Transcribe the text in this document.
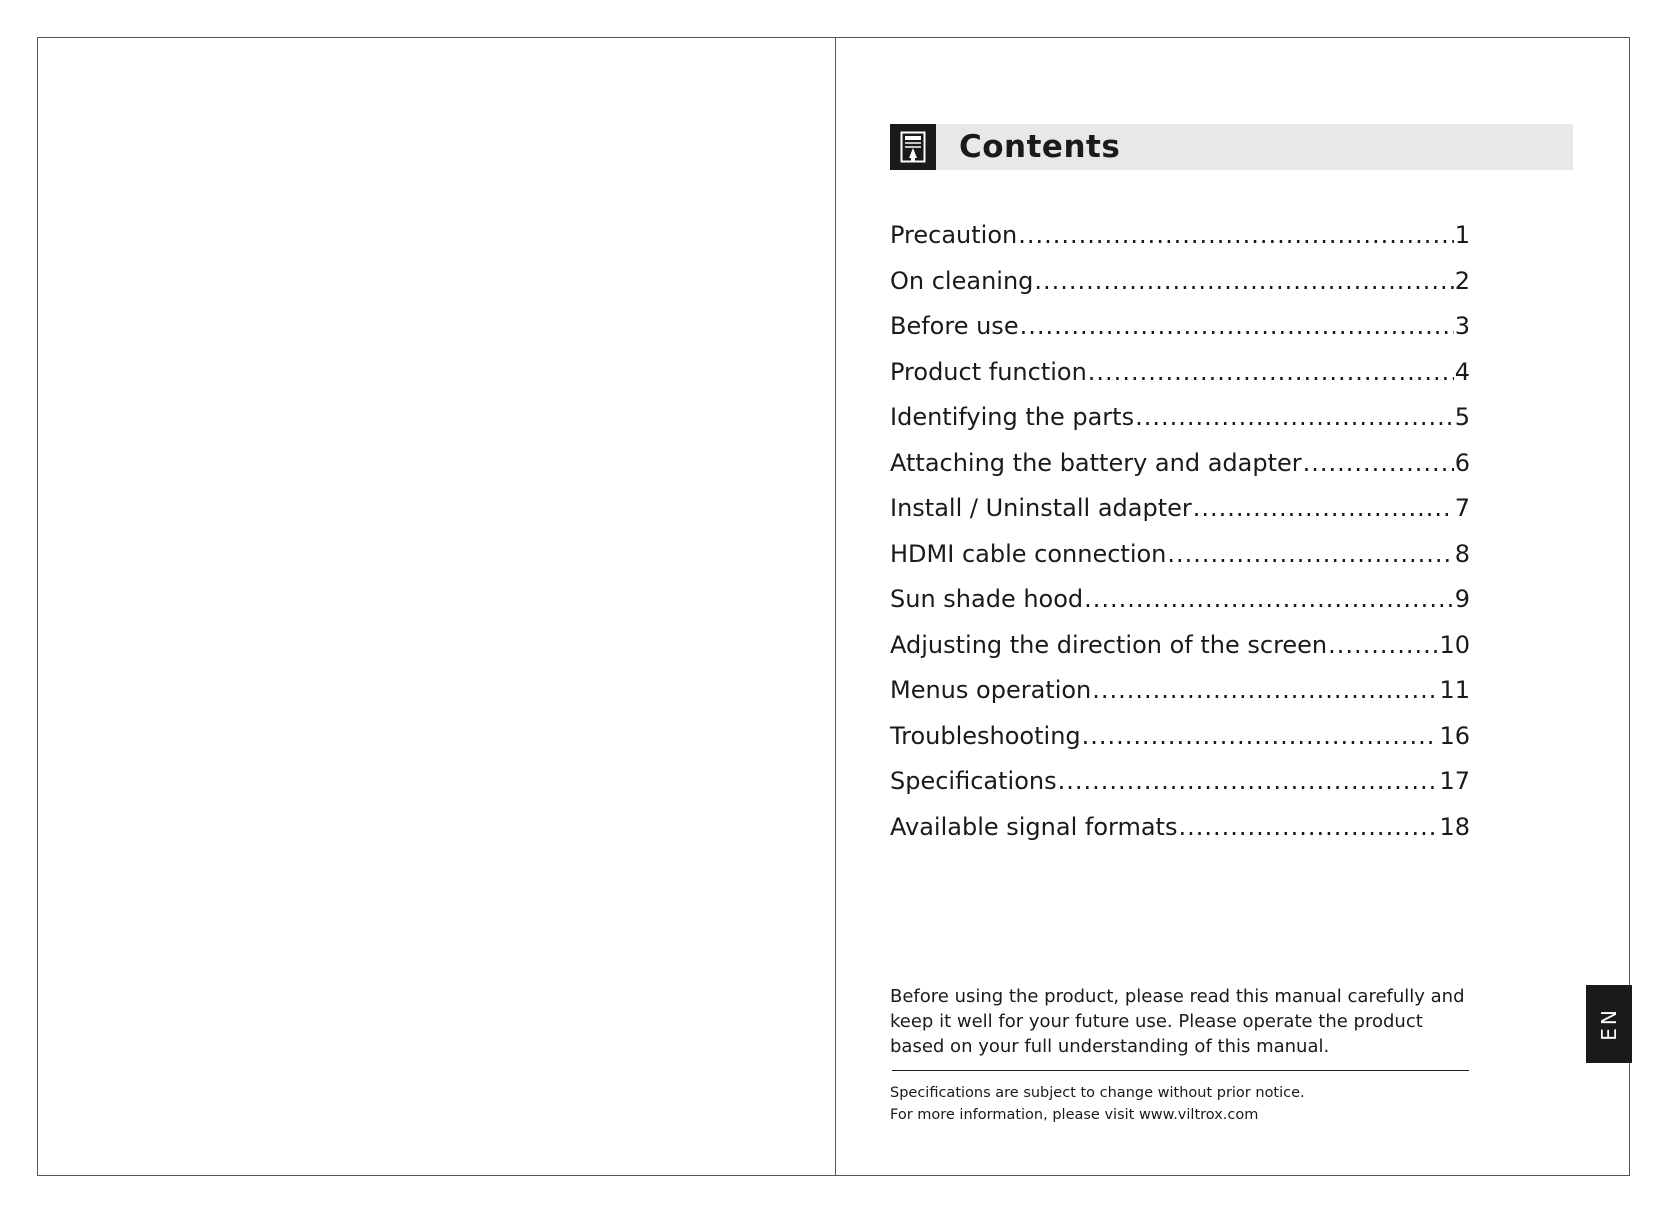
Contents
Precaution .....	1
On cleaning .....	2
Before use .....	3
Product function .....	4
Identifying the parts .....	5
Attaching the battery and adapter .....	6
Install / Uninstall adapter .....	7
HDMI cable connection .....	8
Sun shade hood .....	9
Adjusting the direction of the screen .....	10
Menus operation .....	11
Troubleshooting .....	16
Specifications .....	17
Available signal formats .....	18
Before using the product, please read this manual carefully and keep it well for your future use. Please operate the product based on your full understanding of this manual.
Specifications are subject to change without prior notice.
For more information, please visit www.viltrox.com
EN
